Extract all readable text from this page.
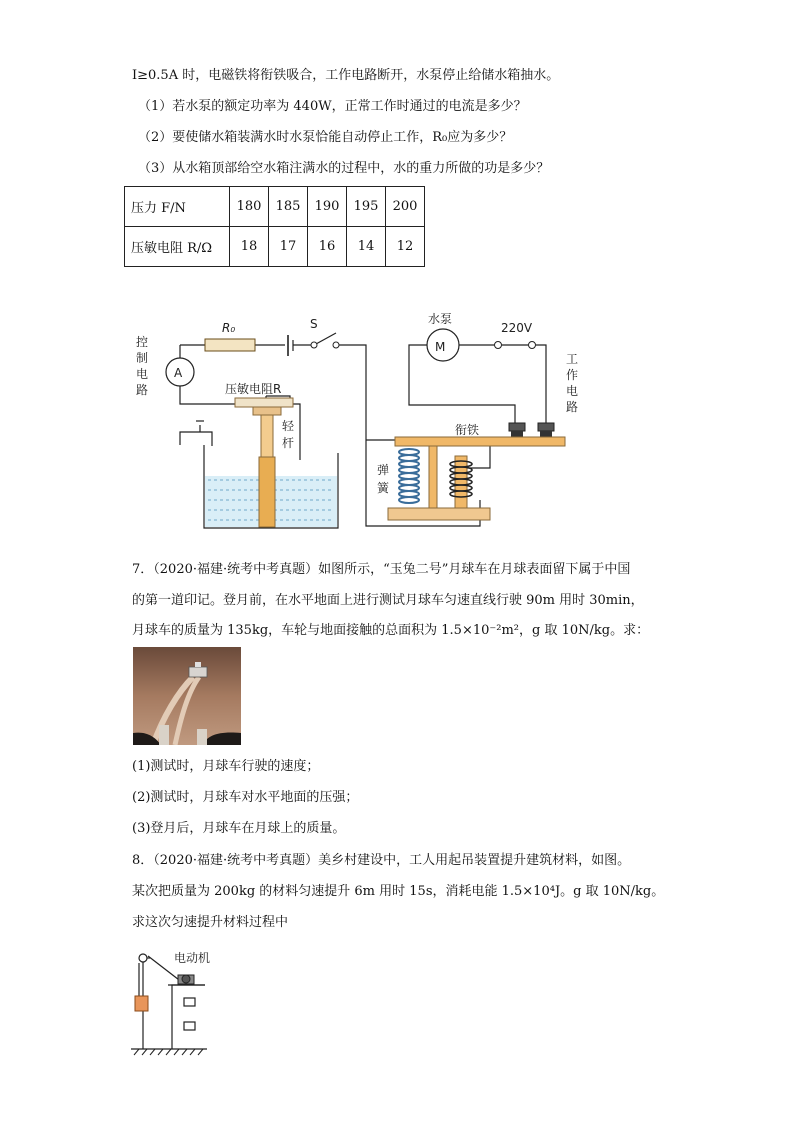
I≥0.5A 时，电磁铁将衔铁吸合，工作电路断开，水泵停止给储水箱抽水。
（1）若水泵的额定功率为 440W，正常工作时通过的电流是多少？
（2）要使储水箱装满水时水泵恰能自动停止工作，R₀应为多少？
（3）从水箱顶部给空水箱注满水的过程中，水的重力所做的功是多少？
压力 F/N	180	185	190	195	200
压敏电阻 R/Ω	18	17	16	14	12
R₀	S
A
控
制
电
路	压敏电阻R
轻
杆
M
水泵
220V
工
作
电
路
衔铁
弹
簧
7．（2020·福建·统考中考真题）如图所示，“玉兔二号”月球车在月球表面留下属于中国
的第一道印记。登月前，在水平地面上进行测试月球车匀速直线行驶 90m 用时 30min，
月球车的质量为 135kg，车轮与地面接触的总面积为 1.5×10⁻²m²，g 取 10N/kg。求：
(1)测试时，月球车行驶的速度；
(2)测试时，月球车对水平地面的压强；
(3)登月后，月球车在月球上的质量。
8．（2020·福建·统考中考真题）美乡村建设中，工人用起吊装置提升建筑材料，如图。
某次把质量为 200kg 的材料匀速提升 6m 用时 15s，消耗电能 1.5×10⁴J。g 取 10N/kg。
求这次匀速提升材料过程中
电动机
